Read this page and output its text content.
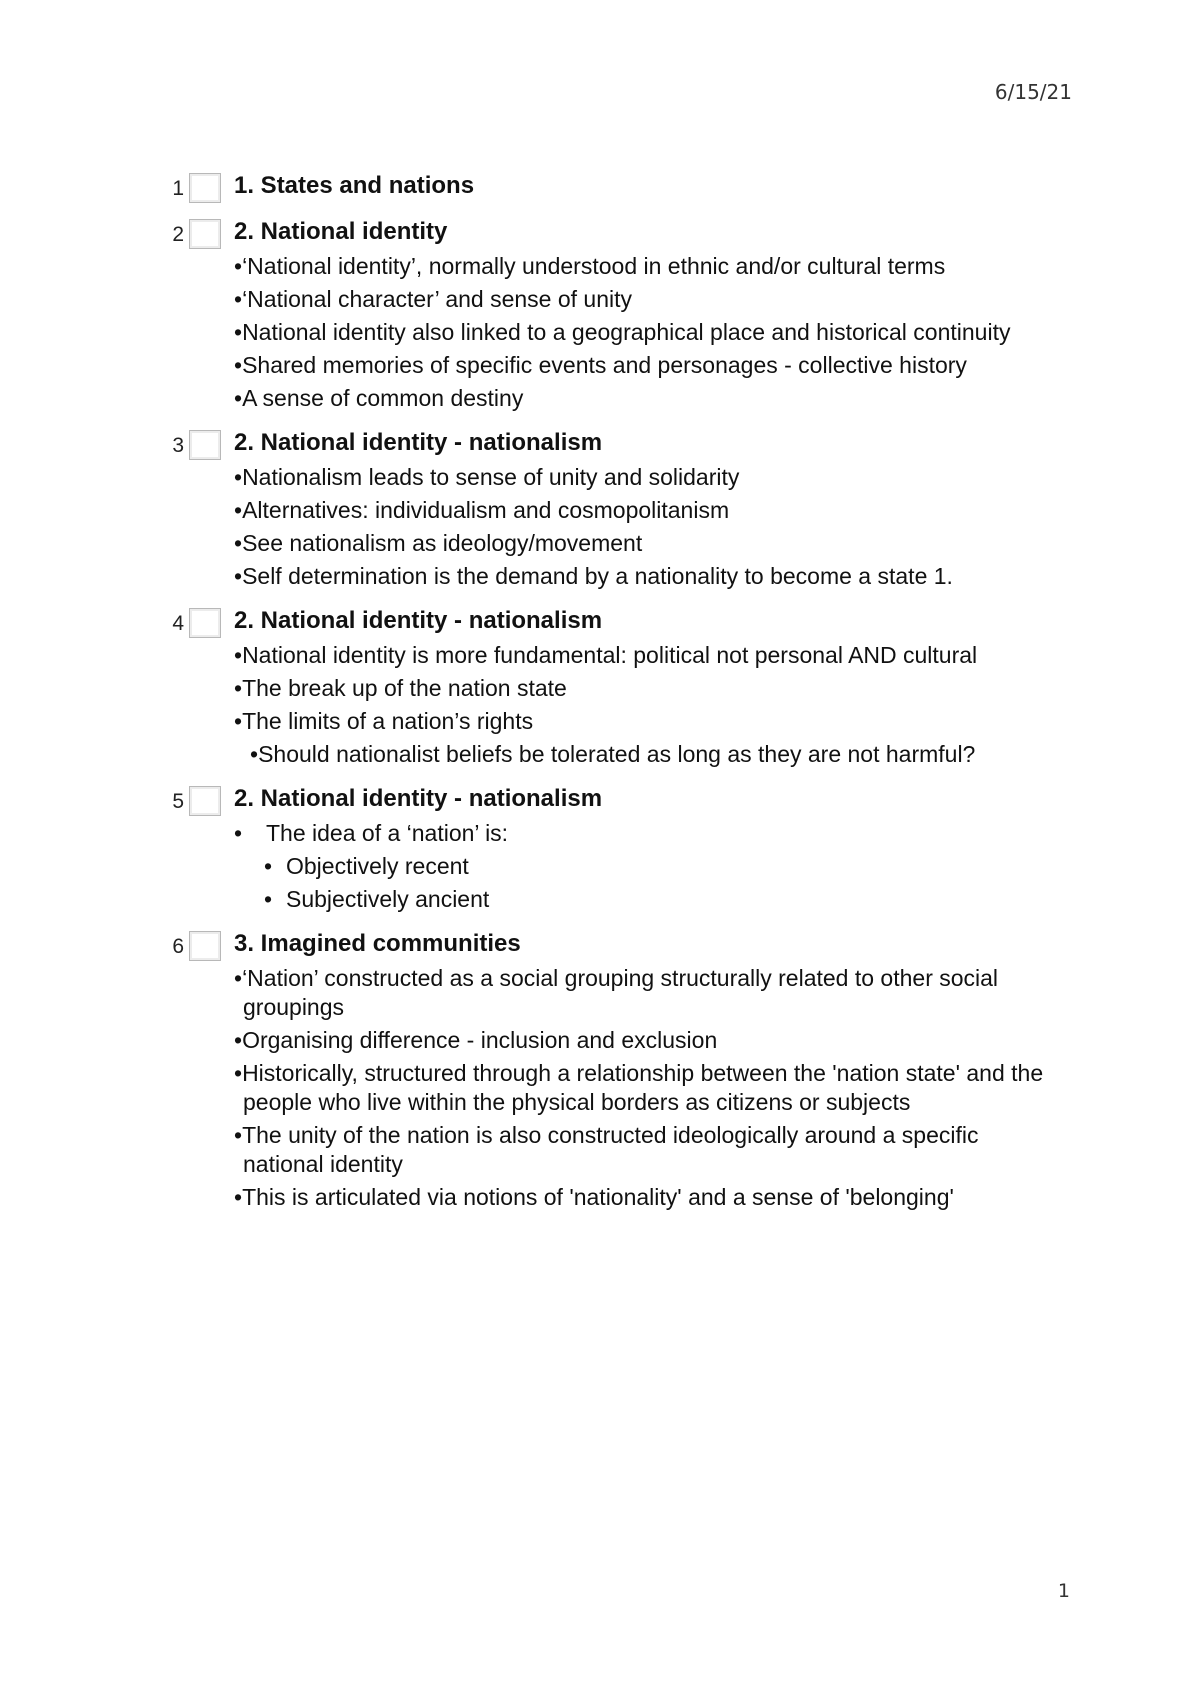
6/15/21
1 1. States and nations
2 2. National identity
•‘National identity’, normally understood in ethnic and/or cultural terms
•‘National character’ and sense of unity
•National identity also linked to a geographical place and historical continuity
•Shared memories of specific events and personages - collective history
•A sense of common destiny
3 2. National identity - nationalism
•Nationalism leads to sense of unity and solidarity
•Alternatives: individualism and cosmopolitanism
•See nationalism as ideology/movement
•Self determination is the demand by a nationality to become a state 1.
4 2. National identity - nationalism
•National identity is more fundamental: political not personal AND cultural
•The break up of the nation state
•The limits of a nation’s rights
•Should nationalist beliefs be tolerated as long as they are not harmful?
5 2. National identity - nationalism
• The idea of a ‘nation’ is:
• Objectively recent
• Subjectively ancient
6 3. Imagined communities
•‘Nation’ constructed as a social grouping structurally related to other social groupings
•Organising difference - inclusion and exclusion
•Historically, structured through a relationship between the 'nation state' and the people who live within the physical borders as citizens or subjects
•The unity of the nation is also constructed ideologically around a specific national identity
•This is articulated via notions of 'nationality' and a sense of 'belonging'
1
